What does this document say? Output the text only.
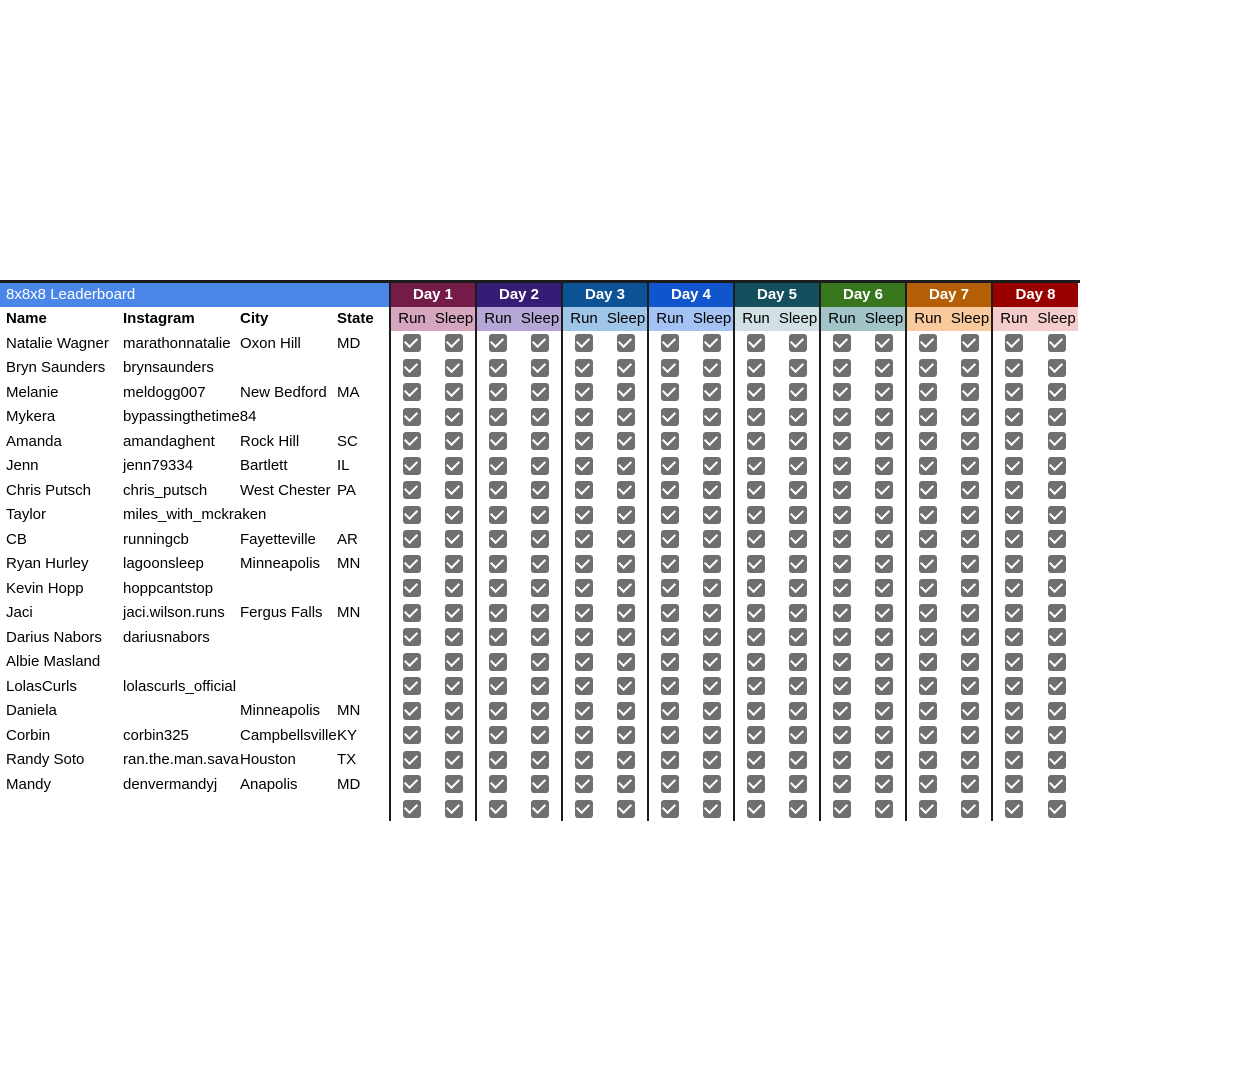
8x8x8 Leaderboard				Day 1		Day 2		Day 3		Day 4		Day 5		Day 6		Day 7		Day 8	
Name	Instagram	City	State	Run	Sleep	Run	Sleep	Run	Sleep	Run	Sleep	Run	Sleep	Run	Sleep	Run	Sleep	Run	Sleep
Natalie Wagner	marathonnatalie	Oxon Hill	MD																
Bryn Saunders	brynsaunders																		
Melanie	meldogg007	New Bedford	MA																
Mykera	bypassingthetime84																		
Amanda	amandaghent	Rock Hill	SC																
Jenn	jenn79334	Bartlett	IL																
Chris Putsch	chris_putsch	West Chester	PA																
Taylor	miles_with_mckraken																		
CB	runningcb	Fayetteville	AR																
Ryan Hurley	lagoonsleep	Minneapolis	MN																
Kevin Hopp	hoppcantstop																		
Jaci	jaci.wilson.runs	Fergus Falls	MN																
Darius Nabors	dariusnabors																		
Albie Masland																			
LolasCurls	lolascurls_official																		
Daniela		Minneapolis	MN																
Corbin	corbin325	Campbellsville	KY																
Randy Soto	ran.the.man.sava	Houston	TX																
Mandy	denvermandyj	Anapolis	MD																
